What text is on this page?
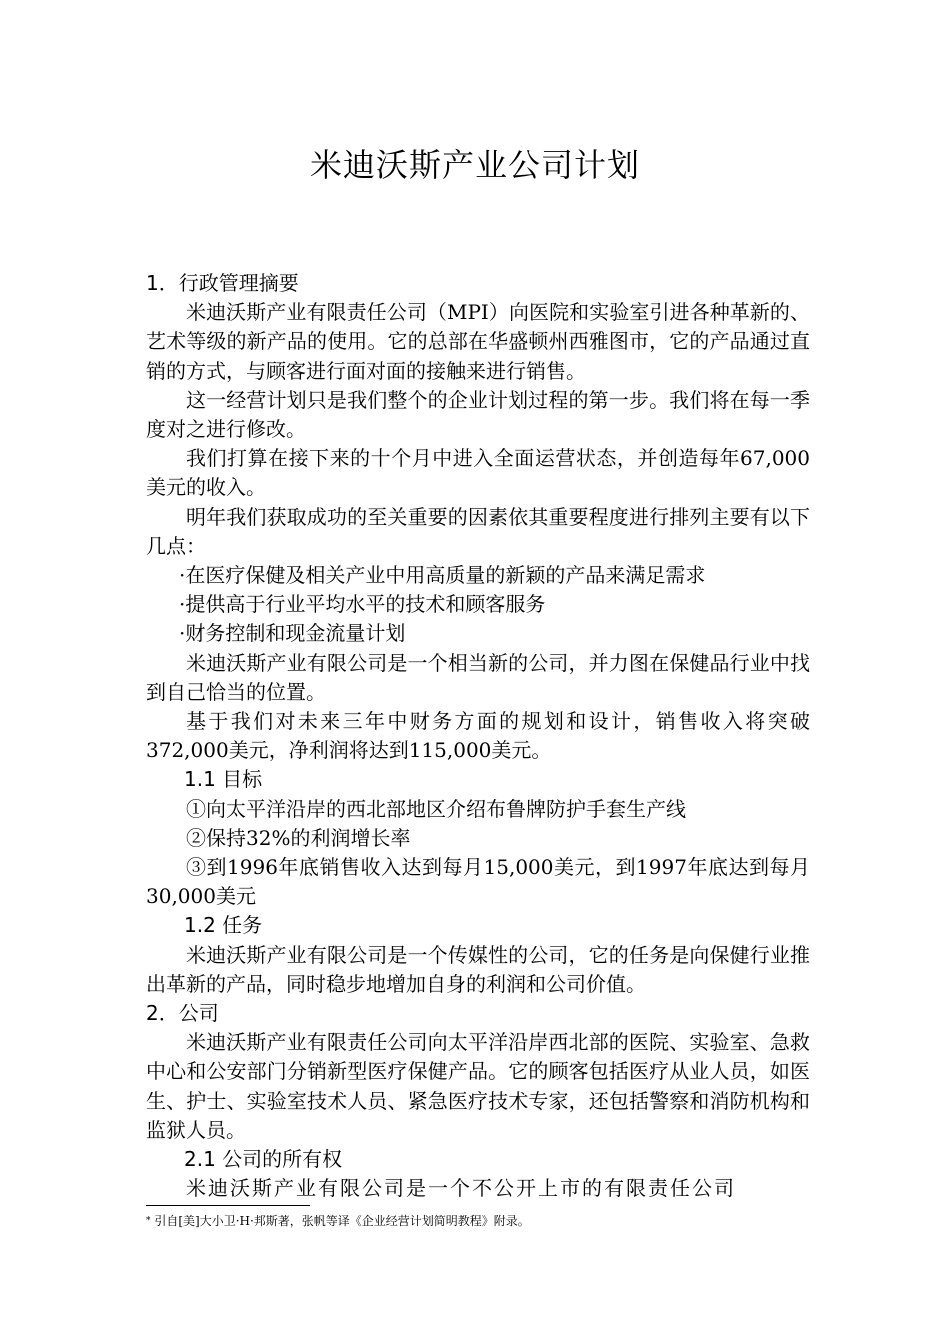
米迪沃斯产业公司计划

1．行政管理摘要

米迪沃斯产业有限责任公司（MPI）向医院和实验室引进各种革新的、艺术等级的新产品的使用。它的总部在华盛顿州西雅图市，它的产品通过直销的方式，与顾客进行面对面的接触来进行销售。

这一经营计划只是我们整个的企业计划过程的第一步。我们将在每一季度对之进行修改。

我们打算在接下来的十个月中进入全面运营状态，并创造每年67,000美元的收入。

明年我们获取成功的至关重要的因素依其重要程度进行排列主要有以下几点：

·在医疗保健及相关产业中用高质量的新颖的产品来满足需求

·提供高于行业平均水平的技术和顾客服务

·财务控制和现金流量计划

米迪沃斯产业有限公司是一个相当新的公司，并力图在保健品行业中找到自己恰当的位置。

基于我们对未来三年中财务方面的规划和设计，销售收入将突破372,000美元，净利润将达到115,000美元。

1.1 目标

①向太平洋沿岸的西北部地区介绍布鲁牌防护手套生产线

②保持32%的利润增长率

③到1996年底销售收入达到每月15,000美元，到1997年底达到每月30,000美元

1.2 任务

米迪沃斯产业有限公司是一个传媒性的公司，它的任务是向保健行业推出革新的产品，同时稳步地增加自身的利润和公司价值。

2．公司

米迪沃斯产业有限责任公司向太平洋沿岸西北部的医院、实验室、急救中心和公安部门分销新型医疗保健产品。它的顾客包括医疗从业人员，如医生、护士、实验室技术人员、紧急医疗技术专家，还包括警察和消防机构和监狱人员。

2.1 公司的所有权

米迪沃斯产业有限公司是一个不公开上市的有限责任公司

* 引自[美]大小卫·H·邦斯著，张帆等译《企业经营计划简明教程》附录。
